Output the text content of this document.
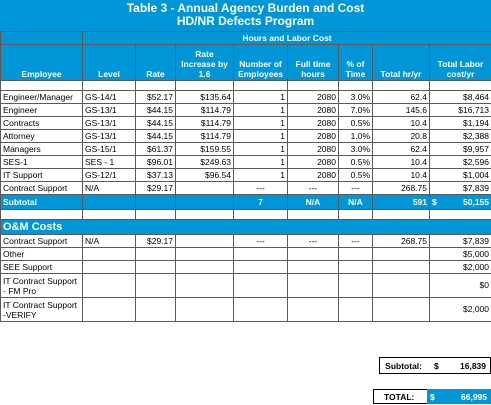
Table 3 - Annual Agency Burden and Cost
HD/NR Defects Program
	Hours and Labor Cost							
Employee	Level	Rate	Rate Increase by 1.6	Number of Employees	Full time hours	% of Time	Total hr/yr	Total Labor cost/yr

Engineer/Manager	GS-14/1	$52.17	$135.64	1	2080	3.0%	62.4	$8,464
Engineer	GS-13/1	$44.15	$114.79	1	2080	7.0%	145.6	$16,713
Contracts	GS-13/1	$44.15	$114.79	1	2080	0.5%	10.4	$1,194
Attorney	GS-13/1	$44.15	$114.79	1	2080	1.0%	20.8	$2,388
Managers	GS-15/1	$61.37	$159.55	1	2080	3.0%	62.4	$9,957
SES-1	SES - 1	$96.01	$249.63	1	2080	0.5%	10.4	$2,596
IT Support	GS-12/1	$37.13	$96.54	1	2080	0.5%	10.4	$1,004
Contract Support	N/A	$29.17		---	---	---	268.75	$7,839
Subtotal				7	N/A	N/A	591	$ 50,155

O&M Costs								
Contract Support	N/A	$29.17		---	---	---	268.75	$7,839
Other								$5,000
SEE Support								$2,000
IT Contract Support - FM Pro								$0
IT Contract Support -VERIFY								$2,000
Subtotal: $	16,839
TOTAL: $	66,995
